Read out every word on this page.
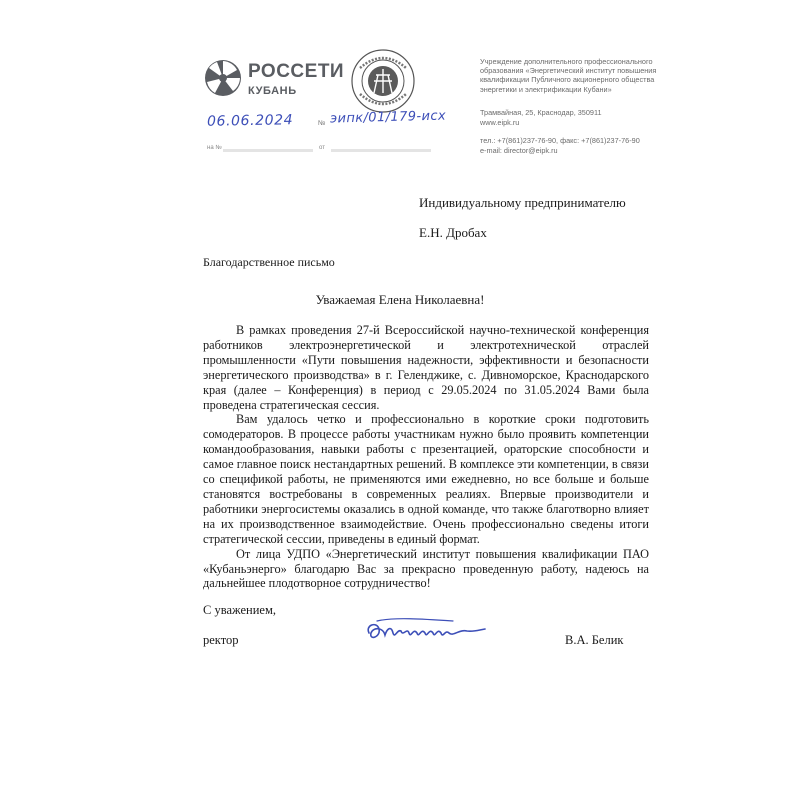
РОССЕТИ
КУБАНЬ
Учреждение дополнительного профессионального образования «Энергетический институт повышения квалификации Публичного акционерного общества энергетики и электрификации Кубани»
Трамвайная, 25, Краснодар, 350911
www.eipk.ru
тел.: +7(861)237-76-90, факс: +7(861)237-76-90
e-mail: director@eipk.ru
06.06.2024	№ эипк/01/179-исх
на №	от
Индивидуальному предпринимателю
Е.Н. Дробах
Благодарственное письмо
Уважаемая Елена Николаевна!

В рамках проведения 27-й Всероссийской научно-технической конференция работников электроэнергетической и электротехнической отраслей промышленности «Пути повышения надежности, эффективности и безопасности энергетического производства» в г. Геленджике, с. Дивноморское, Краснодарского края (далее – Конференция) в период с 29.05.2024 по 31.05.2024 Вами была проведена стратегическая сессия.

Вам удалось четко и профессионально в короткие сроки подготовить сомодераторов. В процессе работы участникам нужно было проявить компетенции командообразования, навыки работы с презентацией, ораторские способности и самое главное поиск нестандартных решений. В комплексе эти компетенции, в связи со спецификой работы, не применяются ими ежедневно, но все больше и больше становятся востребованы в современных реалиях. Впервые производители и работники энергосистемы оказались в одной команде, что также благотворно влияет на их производственное взаимодействие. Очень профессионально сведены итоги стратегической сессии, приведены в единый формат.

От лица УДПО «Энергетический институт повышения квалификации ПАО «Кубаньэнерго» благодарю Вас за прекрасно проведенную работу, надеюсь на дальнейшее плодотворное сотрудничество!

С уважением,
ректор	В.А. Белик
